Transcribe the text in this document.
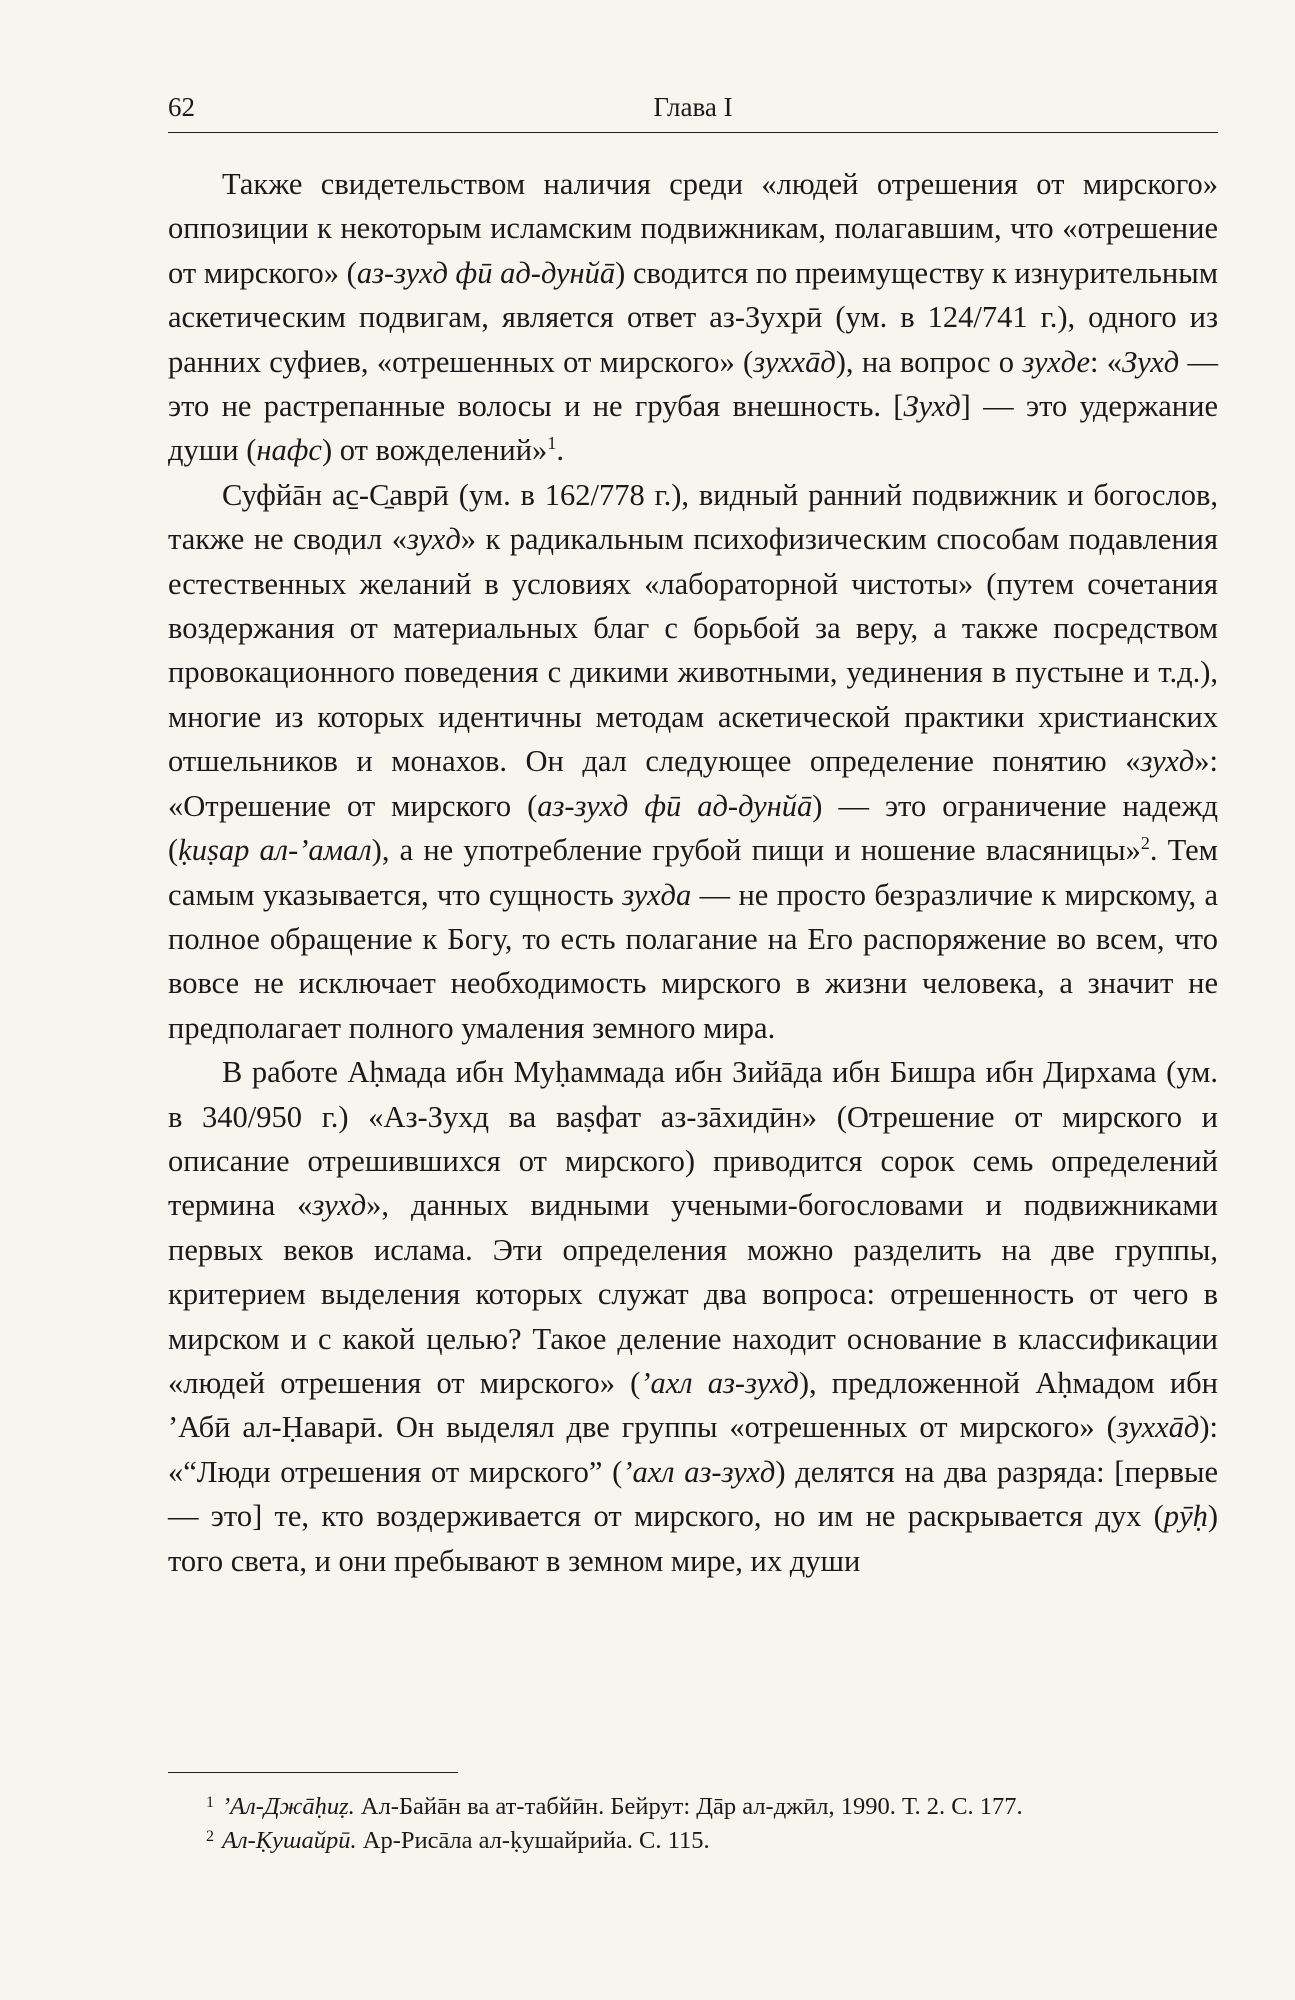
62	Глава I

Также свидетельством наличия среди «людей отрешения от мирского» оппозиции к некоторым исламским подвижникам, полагавшим, что «отрешение от мирского» (аз-зухд фӣ ад-дунйā) сводится по преимуществу к изнурительным аскетическим подвигам, является ответ аз-Зухрӣ (ум. в 124/741 г.), одного из ранних суфиев, «отрешенных от мирского» (зуххāд), на вопрос о зухде: «Зухд — это не растрепанные волосы и не грубая внешность. [Зухд] — это удержание души (нафс) от вожделений»$^1$.

Суфйāн аc̱-С̱аврӣ (ум. в 162/778 г.), видный ранний подвижник и богослов, также не сводил «зухд» к радикальным психофизическим способам подавления естественных желаний в условиях «лабораторной чистоты» (путем сочетания воздержания от материальных благ с борьбой за веру, а также посредством провокационного поведения с дикими животными, уединения в пустыне и т.д.), многие из которых идентичны методам аскетической практики христианских отшельников и монахов. Он дал следующее определение понятию «зухд»: «Отрешение от мирского (аз-зухд фӣ ад-дунйā) — это ограничение надежд (ḳиṣар ал-’амал), а не употребление грубой пищи и ношение власяницы»$^2$. Тем самым указывается, что сущность зухда — не просто безразличие к мирскому, а полное обращение к Богу, то есть полагание на Его распоряжение во всем, что вовсе не исключает необходимость мирского в жизни человека, а значит не предполагает полного умаления земного мира.

В работе Аḥмада ибн Муḥаммада ибн Зийāда ибн Бишра ибн Дирхама (ум. в 340/950 г.) «Аз-Зухд ва ваṣфат аз-зāхидӣн» (Отрешение от мирского и описание отрешившихся от мирского) приводится сорок семь определений термина «зухд», данных видными учеными-богословами и подвижниками первых веков ислама. Эти определения можно разделить на две группы, критерием выделения которых служат два вопроса: отрешенность от чего в мирском и с какой целью? Такое деление находит основание в классификации «людей отрешения от мирского» (’ахл аз-зухд), предложенной Аḥмадом ибн ’Абӣ ал-Ḥаварӣ. Он выделял две группы «отрешенных от мирского» (зуххāд): «“Люди отрешения от мирского” (’ахл аз-зухд) делятся на два разряда: [первые — это] те, кто воздерживается от мирского, но им не раскрывается дух (рӯḥ) того света, и они пребывают в земном мире, их души

1 ’Ал-Джāḥиẓ. Ал-Байāн ва ат-табйӣн. Бейрут: Дāр ал-джӣл, 1990. Т. 2. С. 177.
2 Ал-Ḳушайрӣ. Ар-Рисāла ал-ḳушайрийа. С. 115.
